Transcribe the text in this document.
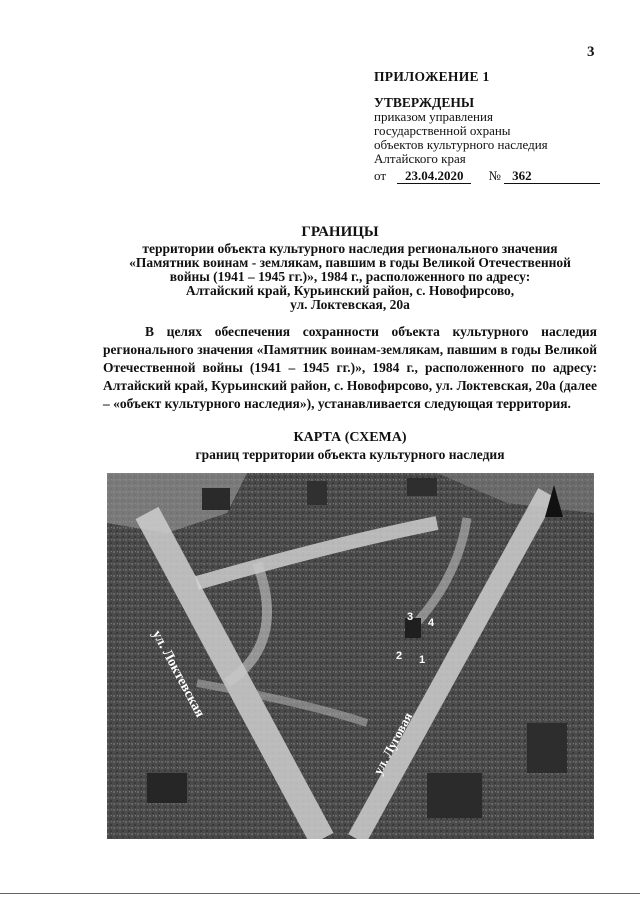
3
ПРИЛОЖЕНИЕ 1
УТВЕРЖДЕНЫ
приказом управления
государственной охраны
объектов культурного наследия
Алтайского края
от 23.04.2020 № 362
ГРАНИЦЫ
территории объекта культурного наследия регионального значения
«Памятник воинам - землякам, павшим в годы Великой Отечественной
войны (1941 – 1945 гг.)», 1984 г., расположенного по адресу:
Алтайский край, Курьинский район, с. Новофирсово,
ул. Локтевская, 20а
В целях обеспечения сохранности объекта культурного наследия регионального значения «Памятник воинам-землякам, павшим в годы Великой Отечественной войны (1941 – 1945 гг.)», 1984 г., расположенного по адресу: Алтайский край, Курьинский район, с. Новофирсово, ул. Локтевская, 20а (далее – «объект культурного наследия»), устанавливается следующая территория.
КАРТА (СХЕМА)
границ территории объекта культурного наследия
ул. Локтевская
ул. Луговая
1
2
3 4
